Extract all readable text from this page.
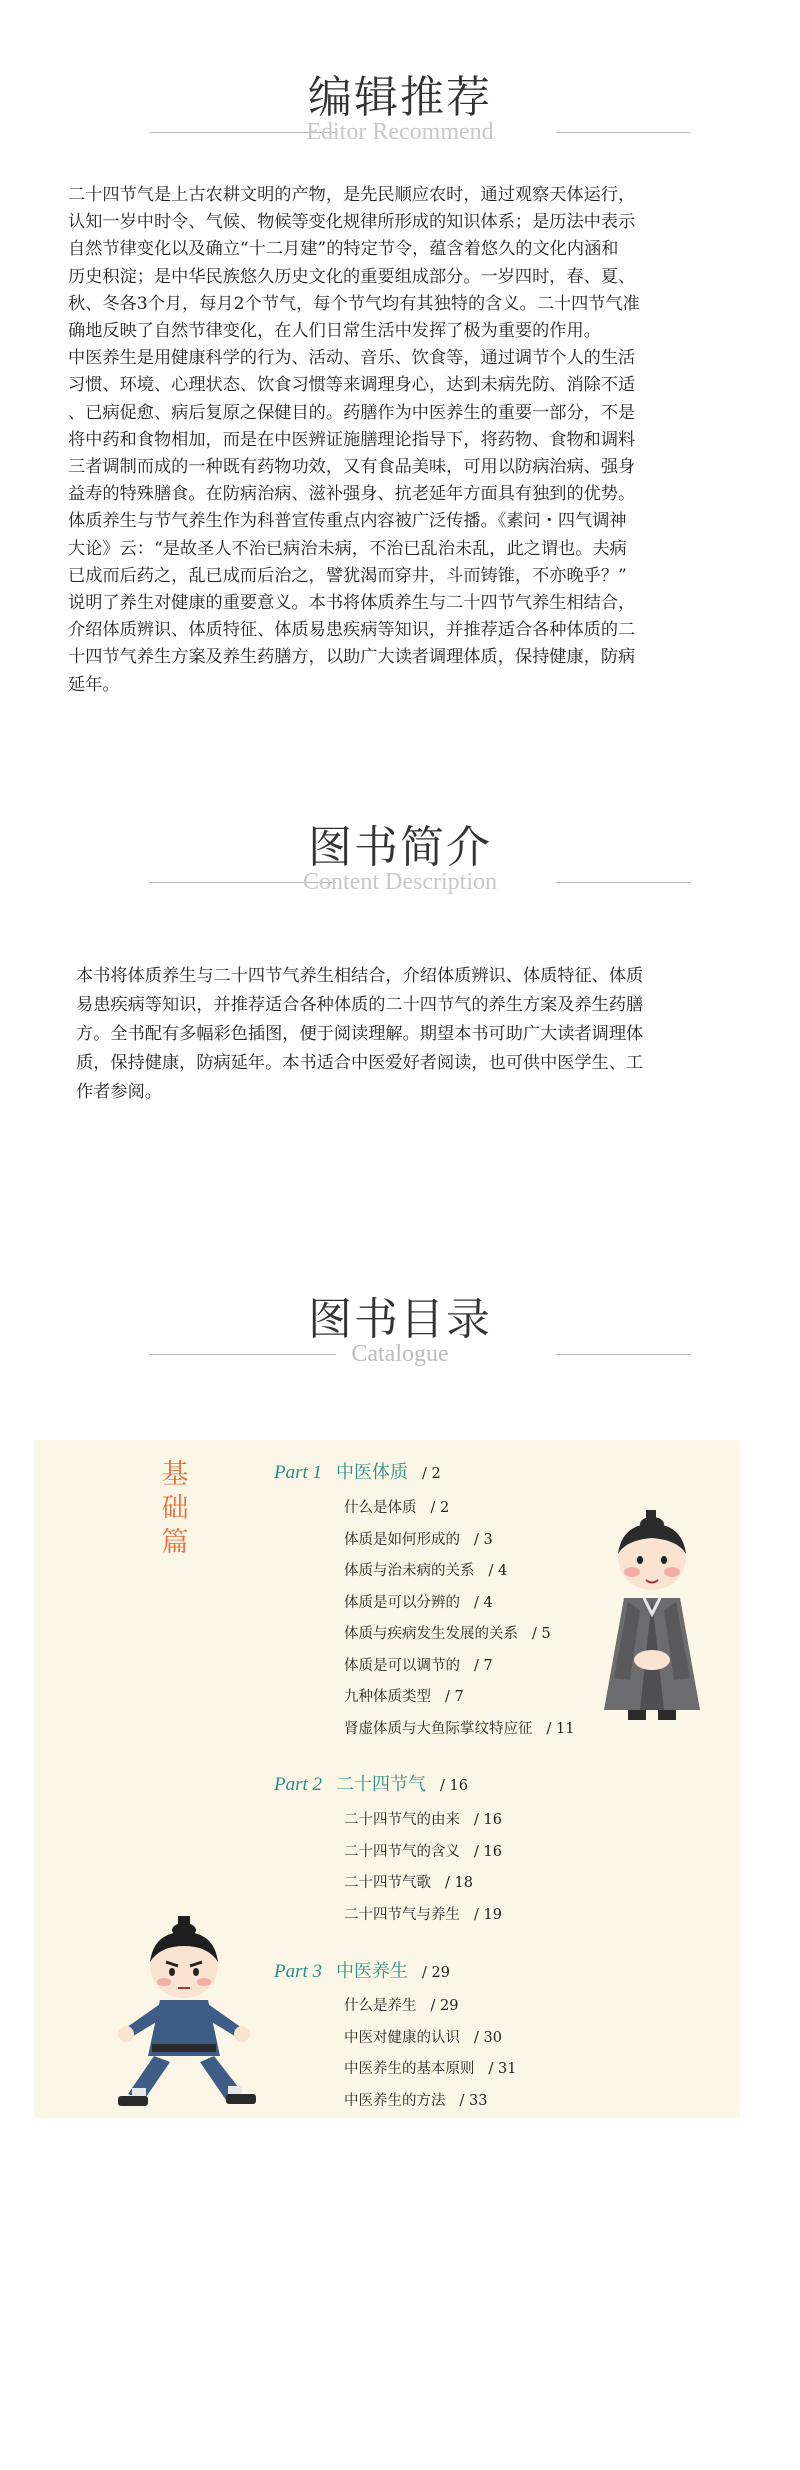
编辑推荐
Editor Recommend

二十四节气是上古农耕文明的产物，是先民顺应农时，通过观察天体运行，

认知一岁中时令、气候、物候等变化规律所形成的知识体系；是历法中表示

自然节律变化以及确立“十二月建”的特定节令，蕴含着悠久的文化内涵和

历史积淀；是中华民族悠久历史文化的重要组成部分。一岁四时，春、夏、

秋、冬各3个月，每月2个节气，每个节气均有其独特的含义。二十四节气准

确地反映了自然节律变化，在人们日常生活中发挥了极为重要的作用。

中医养生是用健康科学的行为、活动、音乐、饮食等，通过调节个人的生活

习惯、环境、心理状态、饮食习惯等来调理身心，达到未病先防、消除不适

、已病促愈、病后复原之保健目的。药膳作为中医养生的重要一部分，不是

将中药和食物相加，而是在中医辨证施膳理论指导下，将药物、食物和调料

三者调制而成的一种既有药物功效，又有食品美味，可用以防病治病、强身

益寿的特殊膳食。在防病治病、滋补强身、抗老延年方面具有独到的优势。

体质养生与节气养生作为科普宣传重点内容被广泛传播。《素问・四气调神

大论》云：“是故圣人不治已病治未病，不治已乱治未乱，此之谓也。夫病

已成而后药之，乱已成而后治之，譬犹渴而穿井，斗而铸锥，不亦晚乎？”

说明了养生对健康的重要意义。本书将体质养生与二十四节气养生相结合，

介绍体质辨识、体质特征、体质易患疾病等知识，并推荐适合各种体质的二

十四节气养生方案及养生药膳方，以助广大读者调理体质，保持健康，防病

延年。

图书简介
Content Description

本书将体质养生与二十四节气养生相结合，介绍体质辨识、体质特征、体质

易患疾病等知识，并推荐适合各种体质的二十四节气的养生方案及养生药膳

方。全书配有多幅彩色插图，便于阅读理解。期望本书可助广大读者调理体

质，保持健康，防病延年。本书适合中医爱好者阅读，也可供中医学生、工

作者参阅。

图书目录
Catalogue
基
础
篇
Part 1 中医体质 / 2
什么是体质 / 2
体质是如何形成的 / 3
体质与治未病的关系 / 4
体质是可以分辨的 / 4
体质与疾病发生发展的关系 / 5
体质是可以调节的 / 7
九种体质类型 / 7
肾虚体质与大鱼际掌纹特应征 / 11
Part 2 二十四节气 / 16
二十四节气的由来 / 16
二十四节气的含义 / 16
二十四节气歌 / 18
二十四节气与养生 / 19
Part 3 中医养生 / 29
什么是养生 / 29
中医对健康的认识 / 30
中医养生的基本原则 / 31
中医养生的方法 / 33
